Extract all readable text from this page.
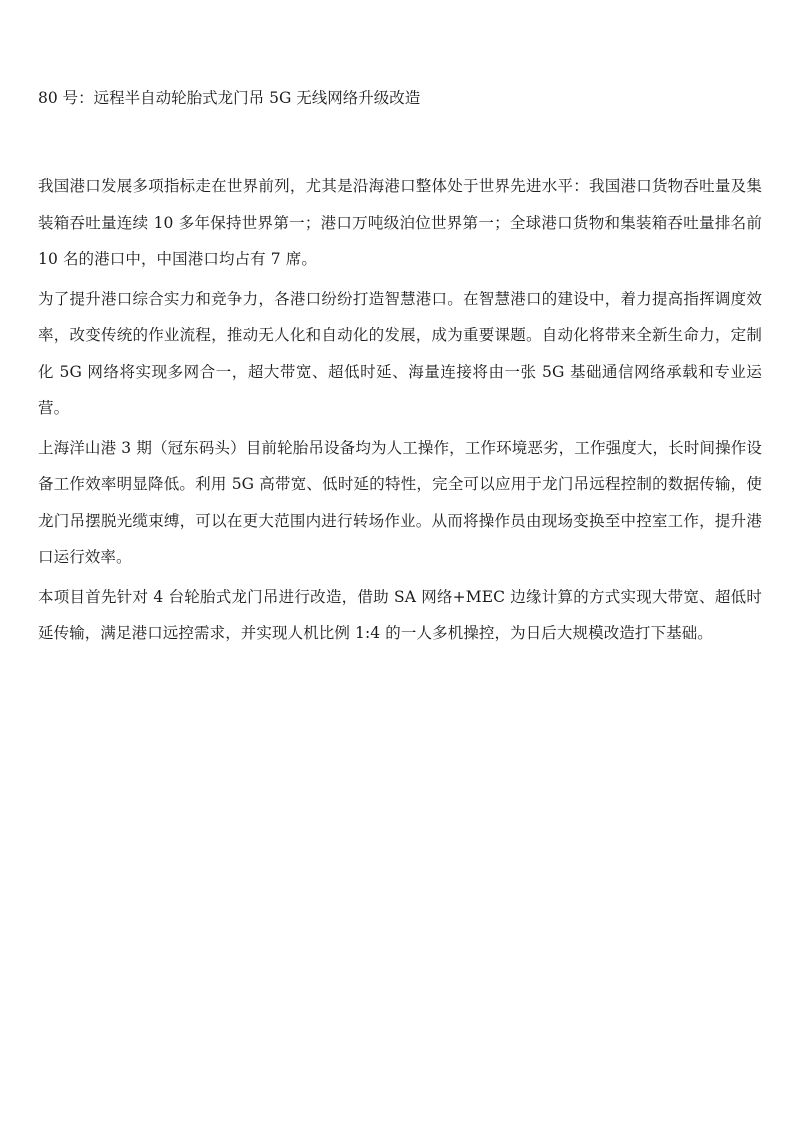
80 号：远程半自动轮胎式龙门吊 5G 无线网络升级改造

我国港口发展多项指标走在世界前列，尤其是沿海港口整体处于世界先进水平：我国港口货物吞吐量及集装箱吞吐量连续 10 多年保持世界第一；港口万吨级泊位世界第一；全球港口货物和集装箱吞吐量排名前 10 名的港口中，中国港口均占有 7 席。

为了提升港口综合实力和竞争力，各港口纷纷打造智慧港口。在智慧港口的建设中，着力提高指挥调度效率，改变传统的作业流程，推动无人化和自动化的发展，成为重要课题。自动化将带来全新生命力，定制化 5G 网络将实现多网合一，超大带宽、超低时延、海量连接将由一张 5G 基础通信网络承载和专业运营。

上海洋山港 3 期（冠东码头）目前轮胎吊设备均为人工操作，工作环境恶劣，工作强度大，长时间操作设备工作效率明显降低。利用 5G 高带宽、低时延的特性，完全可以应用于龙门吊远程控制的数据传输，使龙门吊摆脱光缆束缚，可以在更大范围内进行转场作业。从而将操作员由现场变换至中控室工作，提升港口运行效率。

本项目首先针对 4 台轮胎式龙门吊进行改造，借助 SA 网络+MEC 边缘计算的方式实现大带宽、超低时延传输，满足港口远控需求，并实现人机比例 1:4 的一人多机操控，为日后大规模改造打下基础。
